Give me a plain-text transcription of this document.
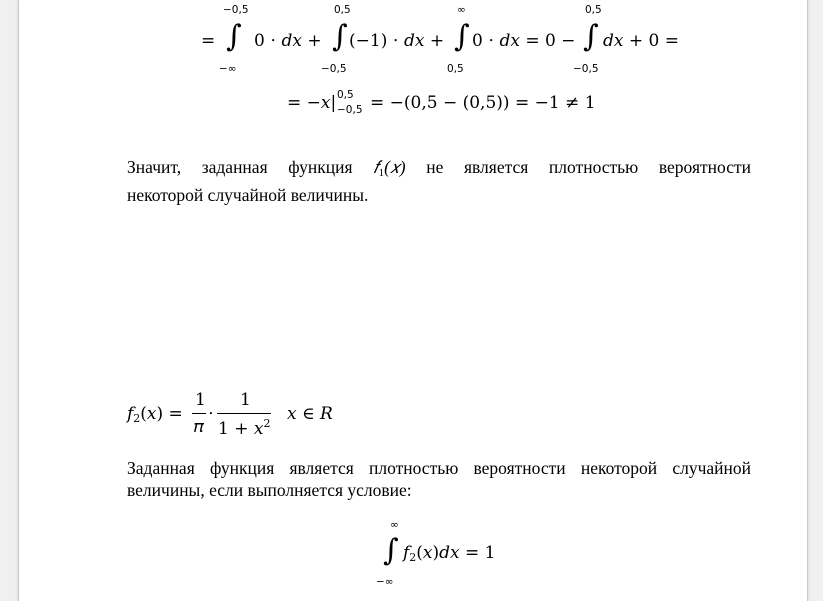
=
−0,5
∫
−∞
0 ⋅ 𝑑𝑥 +
0,5
∫
−0,5
(−1) ⋅ 𝑑𝑥 +
∞
∫
0,5
0 ⋅ 𝑑𝑥 = 0 −
0,5
∫
−0,5
𝑑𝑥 + 0 =
= −𝑥| 0,5
−0,5 = −(0,5 − (0,5)) = −1 ≠ 1
Значит, заданная функция 𝑓$_1$(𝑥) не является плотностью вероятности
некоторой случайной величины.
𝑓$_2$(𝑥) =
1
𝜋
⋅
1
1 + 𝑥$^2$ 𝑥 ∈ 𝑅
Заданная функция является плотностью вероятности некоторой случайной
величины, если выполняется условие:
∞
∫
−∞
𝑓$_2$(𝑥)𝑑𝑥 = 1
